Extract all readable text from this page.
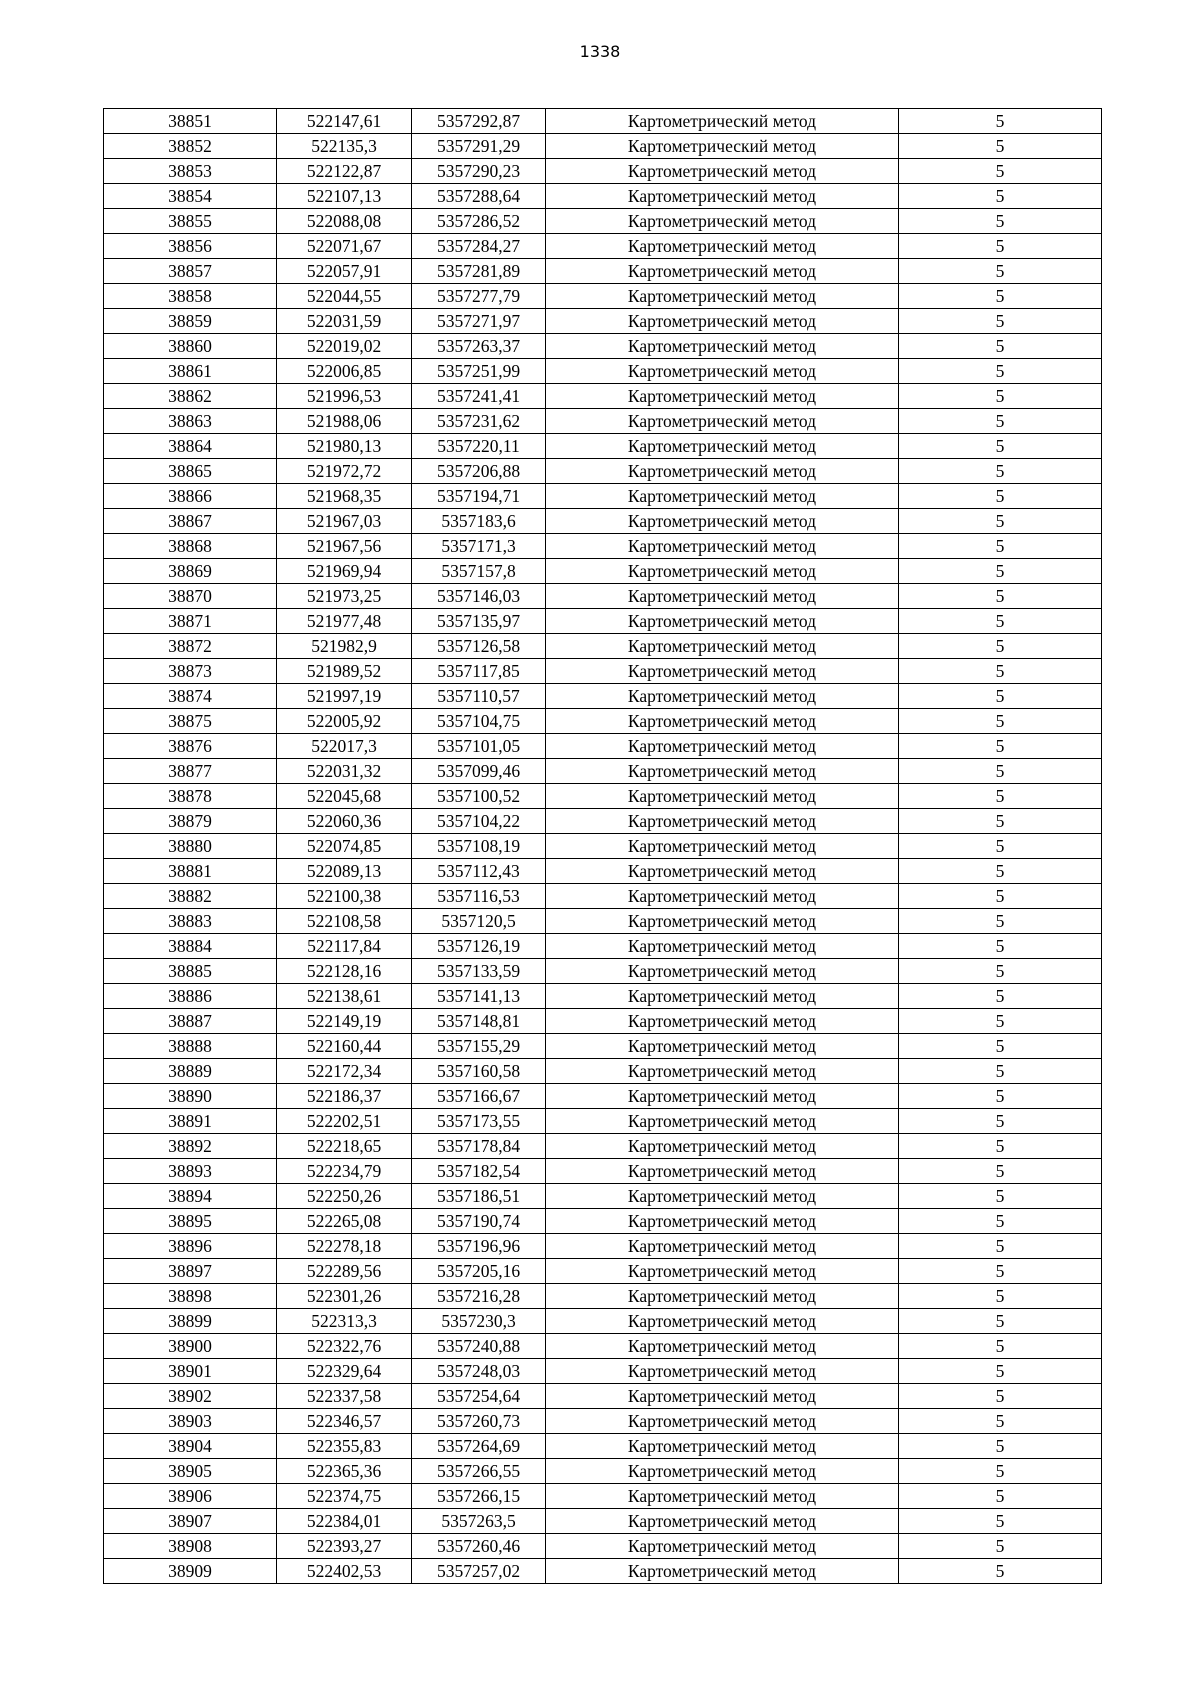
1338
38851	522147,61	5357292,87	Картометрический метод	5
38852	522135,3	5357291,29	Картометрический метод	5
38853	522122,87	5357290,23	Картометрический метод	5
38854	522107,13	5357288,64	Картометрический метод	5
38855	522088,08	5357286,52	Картометрический метод	5
38856	522071,67	5357284,27	Картометрический метод	5
38857	522057,91	5357281,89	Картометрический метод	5
38858	522044,55	5357277,79	Картометрический метод	5
38859	522031,59	5357271,97	Картометрический метод	5
38860	522019,02	5357263,37	Картометрический метод	5
38861	522006,85	5357251,99	Картометрический метод	5
38862	521996,53	5357241,41	Картометрический метод	5
38863	521988,06	5357231,62	Картометрический метод	5
38864	521980,13	5357220,11	Картометрический метод	5
38865	521972,72	5357206,88	Картометрический метод	5
38866	521968,35	5357194,71	Картометрический метод	5
38867	521967,03	5357183,6	Картометрический метод	5
38868	521967,56	5357171,3	Картометрический метод	5
38869	521969,94	5357157,8	Картометрический метод	5
38870	521973,25	5357146,03	Картометрический метод	5
38871	521977,48	5357135,97	Картометрический метод	5
38872	521982,9	5357126,58	Картометрический метод	5
38873	521989,52	5357117,85	Картометрический метод	5
38874	521997,19	5357110,57	Картометрический метод	5
38875	522005,92	5357104,75	Картометрический метод	5
38876	522017,3	5357101,05	Картометрический метод	5
38877	522031,32	5357099,46	Картометрический метод	5
38878	522045,68	5357100,52	Картометрический метод	5
38879	522060,36	5357104,22	Картометрический метод	5
38880	522074,85	5357108,19	Картометрический метод	5
38881	522089,13	5357112,43	Картометрический метод	5
38882	522100,38	5357116,53	Картометрический метод	5
38883	522108,58	5357120,5	Картометрический метод	5
38884	522117,84	5357126,19	Картометрический метод	5
38885	522128,16	5357133,59	Картометрический метод	5
38886	522138,61	5357141,13	Картометрический метод	5
38887	522149,19	5357148,81	Картометрический метод	5
38888	522160,44	5357155,29	Картометрический метод	5
38889	522172,34	5357160,58	Картометрический метод	5
38890	522186,37	5357166,67	Картометрический метод	5
38891	522202,51	5357173,55	Картометрический метод	5
38892	522218,65	5357178,84	Картометрический метод	5
38893	522234,79	5357182,54	Картометрический метод	5
38894	522250,26	5357186,51	Картометрический метод	5
38895	522265,08	5357190,74	Картометрический метод	5
38896	522278,18	5357196,96	Картометрический метод	5
38897	522289,56	5357205,16	Картометрический метод	5
38898	522301,26	5357216,28	Картометрический метод	5
38899	522313,3	5357230,3	Картометрический метод	5
38900	522322,76	5357240,88	Картометрический метод	5
38901	522329,64	5357248,03	Картометрический метод	5
38902	522337,58	5357254,64	Картометрический метод	5
38903	522346,57	5357260,73	Картометрический метод	5
38904	522355,83	5357264,69	Картометрический метод	5
38905	522365,36	5357266,55	Картометрический метод	5
38906	522374,75	5357266,15	Картометрический метод	5
38907	522384,01	5357263,5	Картометрический метод	5
38908	522393,27	5357260,46	Картометрический метод	5
38909	522402,53	5357257,02	Картометрический метод	5
